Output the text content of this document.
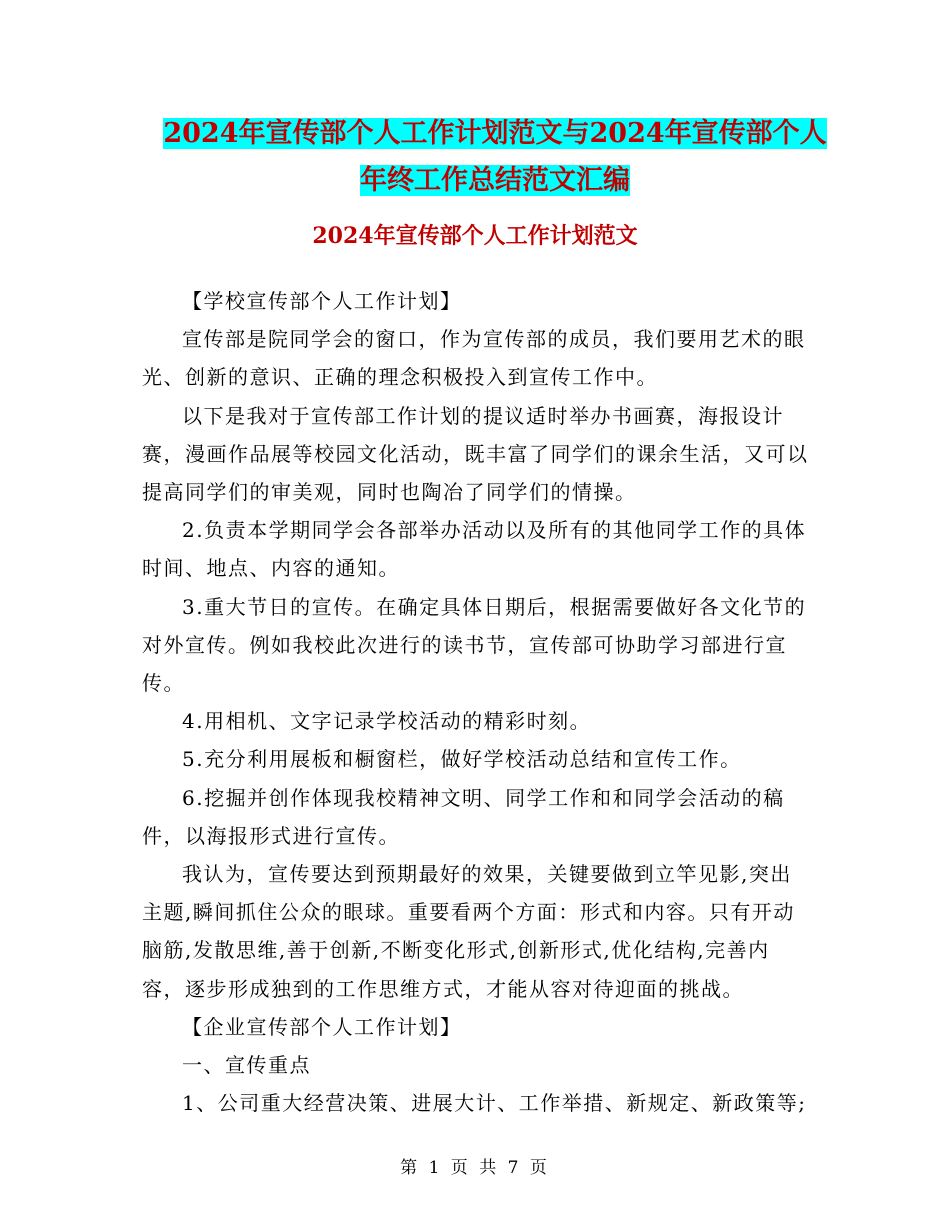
2024年宣传部个人工作计划范文与2024年宣传部个人
年终工作总结范文汇编
2024年宣传部个人工作计划范文

【学校宣传部个人工作计划】

宣传部是院同学会的窗口，作为宣传部的成员，我们要用艺术的眼光、创新的意识、正确的理念积极投入到宣传工作中。

以下是我对于宣传部工作计划的提议适时举办书画赛，海报设计赛，漫画作品展等校园文化活动，既丰富了同学们的课余生活，又可以提高同学们的审美观，同时也陶冶了同学们的情操。

2.负责本学期同学会各部举办活动以及所有的其他同学工作的具体时间、地点、内容的通知。

3.重大节日的宣传。在确定具体日期后，根据需要做好各文化节的对外宣传。例如我校此次进行的读书节，宣传部可协助学习部进行宣传。

4.用相机、文字记录学校活动的精彩时刻。

5.充分利用展板和橱窗栏，做好学校活动总结和宣传工作。

6.挖掘并创作体现我校精神文明、同学工作和和同学会活动的稿件，以海报形式进行宣传。

我认为，宣传要达到预期最好的效果，关键要做到立竿见影,突出主题,瞬间抓住公众的眼球。重要看两个方面：形式和内容。只有开动脑筋,发散思维,善于创新,不断变化形式,创新形式,优化结构,完善内容，逐步形成独到的工作思维方式，才能从容对待迎面的挑战。

【企业宣传部个人工作计划】

一、宣传重点

1、公司重大经营决策、进展大计、工作举措、新规定、新政策等;

第 1 页 共 7 页
